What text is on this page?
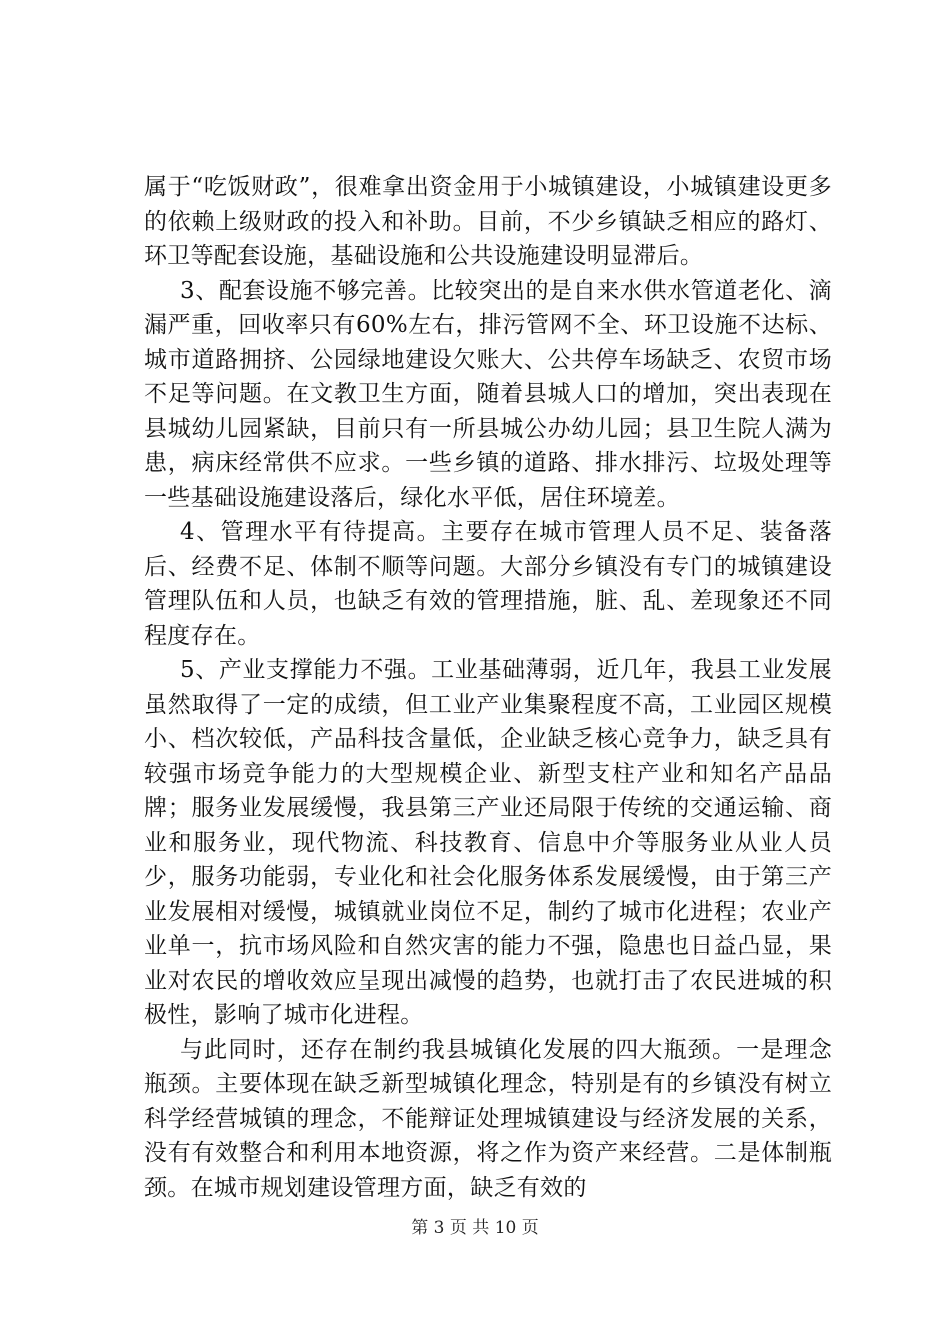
属于“吃饭财政”，很难拿出资金用于小城镇建设，小城镇建设更多的依赖上级财政的投入和补助。目前，不少乡镇缺乏相应的路灯、环卫等配套设施，基础设施和公共设施建设明显滞后。

3、配套设施不够完善。比较突出的是自来水供水管道老化、滴漏严重，回收率只有60%左右，排污管网不全、环卫设施不达标、城市道路拥挤、公园绿地建设欠账大、公共停车场缺乏、农贸市场不足等问题。在文教卫生方面，随着县城人口的增加，突出表现在县城幼儿园紧缺，目前只有一所县城公办幼儿园；县卫生院人满为患，病床经常供不应求。一些乡镇的道路、排水排污、垃圾处理等一些基础设施建设落后，绿化水平低，居住环境差。

4、管理水平有待提高。主要存在城市管理人员不足、装备落后、经费不足、体制不顺等问题。大部分乡镇没有专门的城镇建设管理队伍和人员，也缺乏有效的管理措施，脏、乱、差现象还不同程度存在。

5、产业支撑能力不强。工业基础薄弱，近几年，我县工业发展虽然取得了一定的成绩，但工业产业集聚程度不高，工业园区规模小、档次较低，产品科技含量低，企业缺乏核心竞争力，缺乏具有较强市场竞争能力的大型规模企业、新型支柱产业和知名产品品牌；服务业发展缓慢，我县第三产业还局限于传统的交通运输、商业和服务业，现代物流、科技教育、信息中介等服务业从业人员少，服务功能弱，专业化和社会化服务体系发展缓慢，由于第三产业发展相对缓慢，城镇就业岗位不足，制约了城市化进程；农业产业单一，抗市场风险和自然灾害的能力不强，隐患也日益凸显，果业对农民的增收效应呈现出减慢的趋势，也就打击了农民进城的积极性，影响了城市化进程。

与此同时，还存在制约我县城镇化发展的四大瓶颈。一是理念瓶颈。主要体现在缺乏新型城镇化理念，特别是有的乡镇没有树立科学经营城镇的理念，不能辩证处理城镇建设与经济发展的关系，没有有效整合和利用本地资源，将之作为资产来经营。二是体制瓶颈。在城市规划建设管理方面，缺乏有效的

第 3 页 共 10 页
